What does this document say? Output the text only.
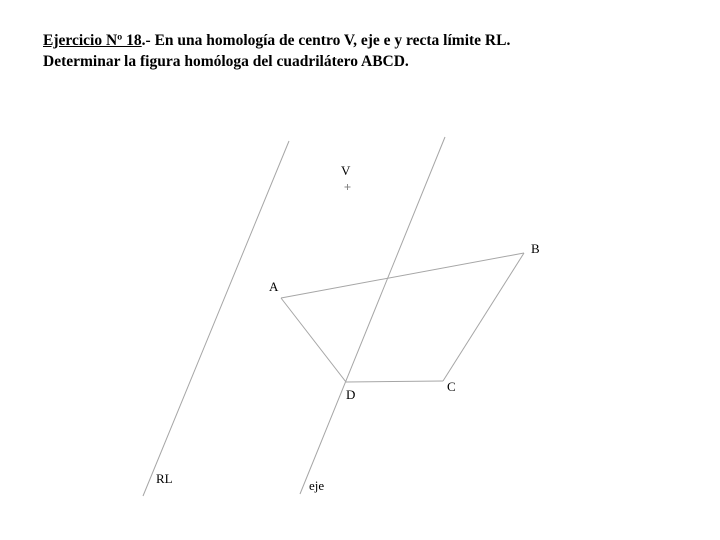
Ejercicio Nº 18.- En una homología de centro V, eje e y recta límite RL.
Determinar la figura homóloga del cuadrilátero ABCD.
V
A
B
C
D
RL	eje
